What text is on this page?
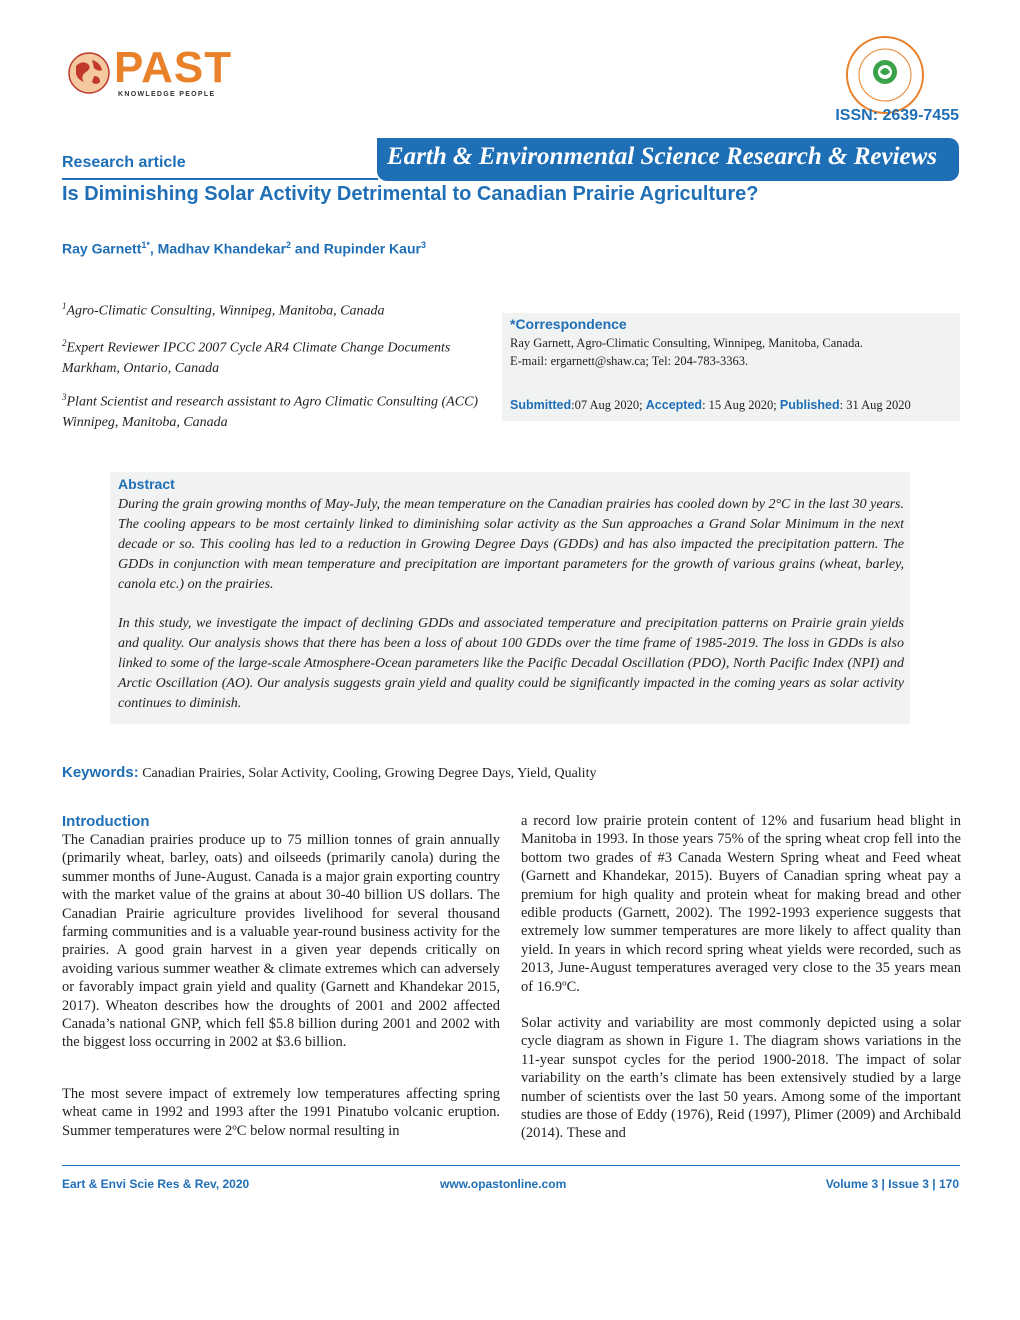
PAST
KNOWLEDGE PEOPLE
ISSN: 2639-7455
Research article	Earth & Environmental Science Research & Reviews
Is Diminishing Solar Activity Detrimental to Canadian Prairie Agriculture?
Ray Garnett$^{1*}$, Madhav Khandekar$^2$ and Rupinder Kaur$^3$
$^1$Agro-Climatic Consulting, Winnipeg, Manitoba, Canada
$^2$Expert Reviewer IPCC 2007 Cycle AR4 Climate Change Documents Markham, Ontario, Canada
$^3$Plant Scientist and research assistant to Agro Climatic Consulting (ACC) Winnipeg, Manitoba, Canada
*Correspondence
Ray Garnett, Agro-Climatic Consulting, Winnipeg, Manitoba, Canada.
E-mail: ergarnett@shaw.ca; Tel: 204-783-3363.
Submitted:07 Aug 2020; Accepted: 15 Aug 2020; Published: 31 Aug 2020
Abstract
During the grain growing months of May-July, the mean temperature on the Canadian prairies has cooled down by 2°C in the last 30 years. The cooling appears to be most certainly linked to diminishing solar activity as the Sun approaches a Grand Solar Minimum in the next decade or so. This cooling has led to a reduction in Growing Degree Days (GDDs) and has also impacted the precipitation pattern. The GDDs in conjunction with mean temperature and precipitation are important parameters for the growth of various grains (wheat, barley, canola etc.) on the prairies.
In this study, we investigate the impact of declining GDDs and associated temperature and precipitation patterns on Prairie grain yields and quality. Our analysis shows that there has been a loss of about 100 GDDs over the time frame of 1985-2019. The loss in GDDs is also linked to some of the large-scale Atmosphere-Ocean parameters like the Pacific Decadal Oscillation (PDO), North Pacific Index (NPI) and Arctic Oscillation (AO). Our analysis suggests grain yield and quality could be significantly impacted in the coming years as solar activity continues to diminish.
Keywords: Canadian Prairies, Solar Activity, Cooling, Growing Degree Days, Yield, Quality
Introduction
The Canadian prairies produce up to 75 million tonnes of grain annually (primarily wheat, barley, oats) and oilseeds (primarily canola) during the summer months of June-August. Canada is a major grain exporting country with the market value of the grains at about 30-40 billion US dollars. The Canadian Prairie agriculture provides livelihood for several thousand farming communities and is a valuable year-round business activity for the prairies. A good grain harvest in a given year depends critically on avoiding various summer weather & climate extremes which can adversely or favorably impact grain yield and quality (Garnett and Khandekar 2015, 2017). Wheaton describes how the droughts of 2001 and 2002 affected Canada’s national GNP, which fell $5.8 billion during 2001 and 2002 with the biggest loss occurring in 2002 at $3.6 billion.
The most severe impact of extremely low temperatures affecting spring wheat came in 1992 and 1993 after the 1991 Pinatubo volcanic eruption. Summer temperatures were 2ºC below normal resulting in
a record low prairie protein content of 12% and fusarium head blight in Manitoba in 1993. In those years 75% of the spring wheat crop fell into the bottom two grades of #3 Canada Western Spring wheat and Feed wheat (Garnett and Khandekar, 2015). Buyers of Canadian spring wheat pay a premium for high quality and protein wheat for making bread and other edible products (Garnett, 2002). The 1992-1993 experience suggests that extremely low summer temperatures are more likely to affect quality than yield. In years in which record spring wheat yields were recorded, such as 2013, June-August temperatures averaged very close to the 35 years mean of 16.9ºC.
Solar activity and variability are most commonly depicted using a solar cycle diagram as shown in Figure 1. The diagram shows variations in the 11-year sunspot cycles for the period 1900-2018. The impact of solar variability on the earth’s climate has been extensively studied by a large number of scientists over the last 50 years. Among some of the important studies are those of Eddy (1976), Reid (1997), Plimer (2009) and Archibald (2014). These and
Eart & Envi Scie Res & Rev, 2020	www.opastonline.com	Volume 3 | Issue 3 | 170
